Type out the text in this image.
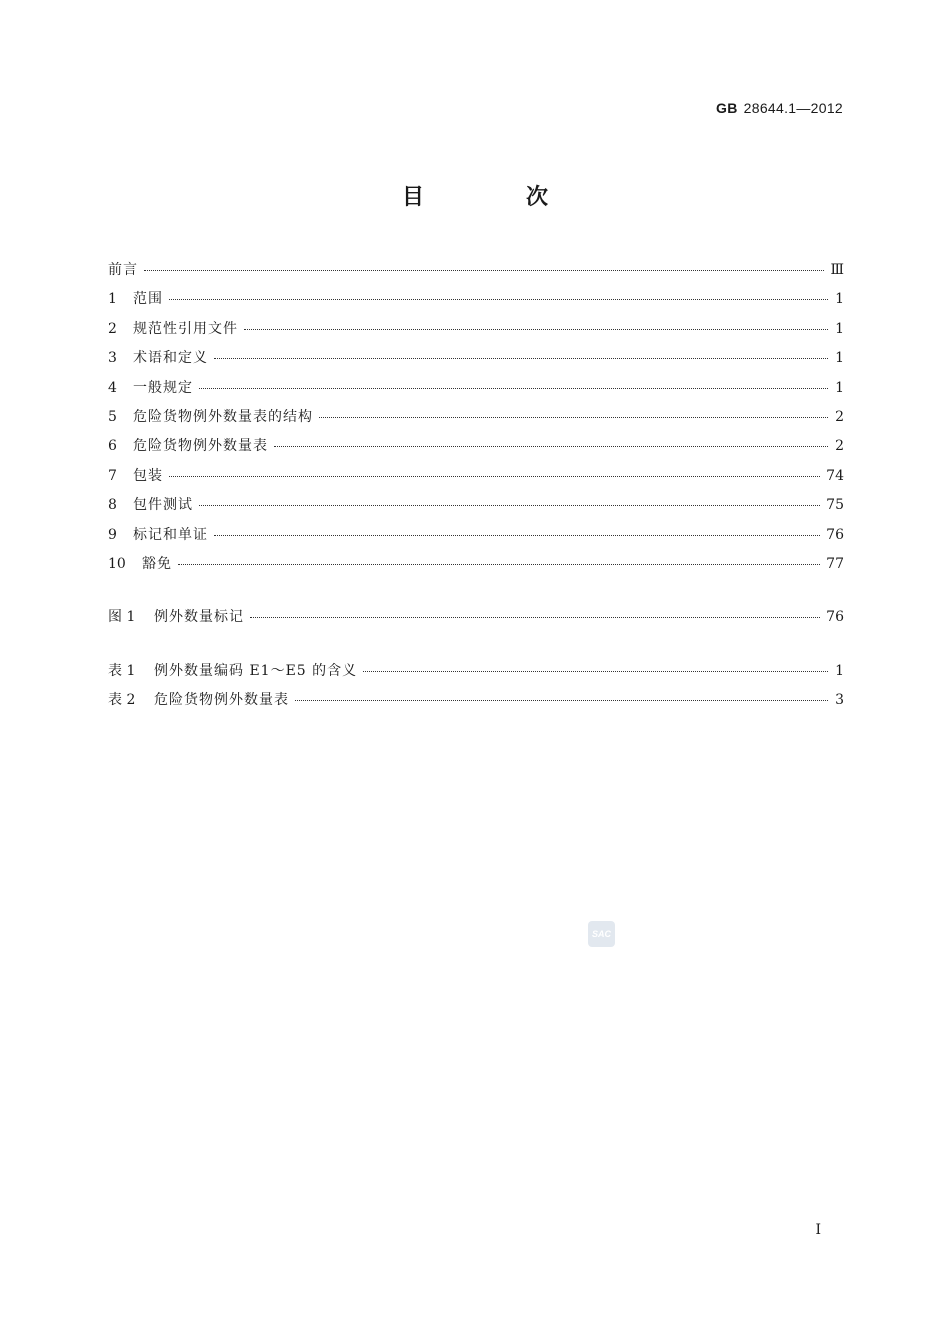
GB 28644.1—2012
目　次
前言	Ⅲ
1	范围	1
2	规范性引用文件	1
3	术语和定义	1
4	一般规定	1
5	危险货物例外数量表的结构	2
6	危险货物例外数量表	2
7	包装	74
8	包件测试	75
9	标记和单证	76
10	豁免	77
图 1	例外数量标记	76
表 1	例外数量编码 E1～E5 的含义	1
表 2	危险货物例外数量表	3
SAC
I
